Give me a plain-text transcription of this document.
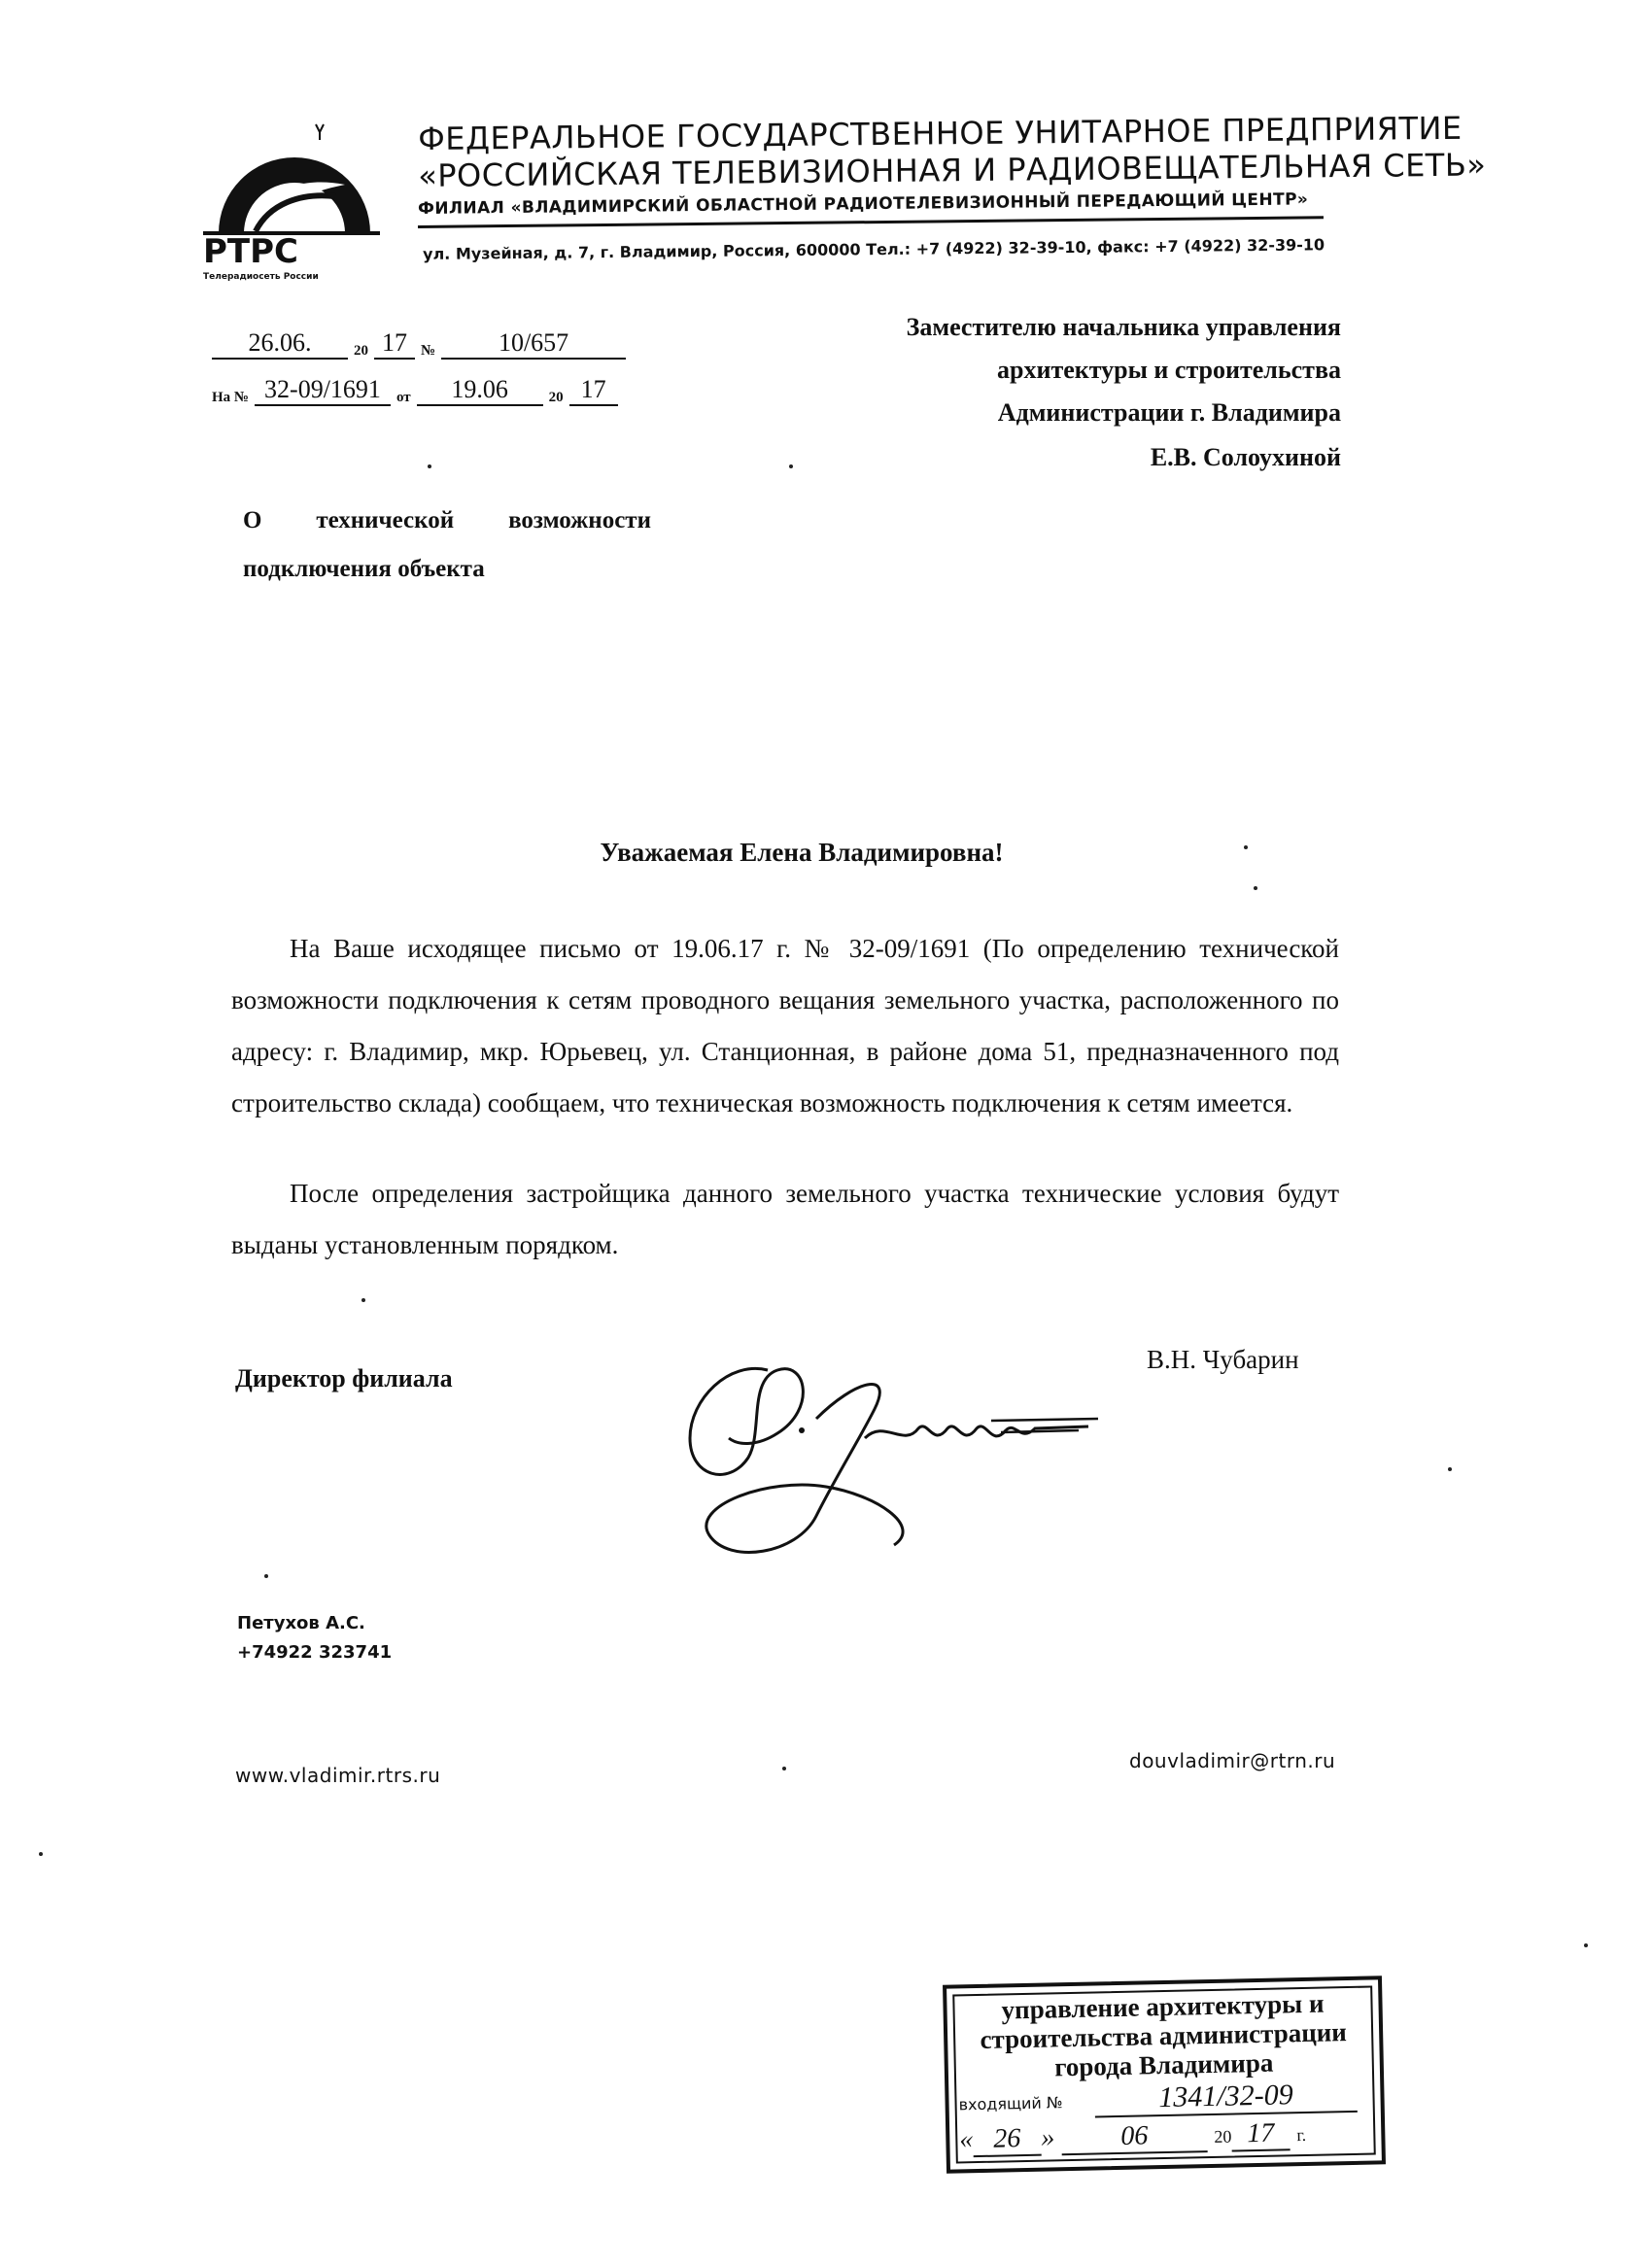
РТРС
Телерадиосеть России
ФЕДЕРАЛЬНОЕ ГОСУДАРСТВЕННОЕ УНИТАРНОЕ ПРЕДПРИЯТИЕ
«РОССИЙСКАЯ ТЕЛЕВИЗИОННАЯ И РАДИОВЕЩАТЕЛЬНАЯ СЕТЬ»
ФИЛИАЛ «ВЛАДИМИРСКИЙ ОБЛАСТНОЙ РАДИОТЕЛЕВИЗИОННЫЙ ПЕРЕДАЮЩИЙ ЦЕНТР»
ул. Музейная, д. 7, г. Владимир, Россия, 600000 Тел.: +7 (4922) 32-39-10, факс: +7 (4922) 32-39-10
26.06.	20 17 № 10/657
На № 32-09/1691 от 19.06	20 17
Заместителю начальника управления
архитектуры и строительства
Администрации г. Владимира
Е.В. Солоухиной
О технической возможности
подключения объекта
Уважаемая Елена Владимировна!
На Ваше исходящее письмо от 19.06.17 г. № 32-09/1691 (По определению технической возможности подключения к сетям проводного вещания земельного участка, расположенного по адресу: г. Владимир, мкр. Юрьевец, ул. Станционная, в районе дома 51, предназначенного под строительство склада) сообщаем, что техническая возможность подключения к сетям имеется.
После определения застройщика данного земельного участка технические условия будут выданы установленным порядком.
Директор филиала
В.Н. Чубарин
Петухов А.С.
+74922 323741
www.vladimir.rtrs.ru
douvladimir@rtrn.ru
управление архитектуры и
строительства администрации
города Владимира
входящий №	1341/32-09
« 26 » 06	20 17 г.
